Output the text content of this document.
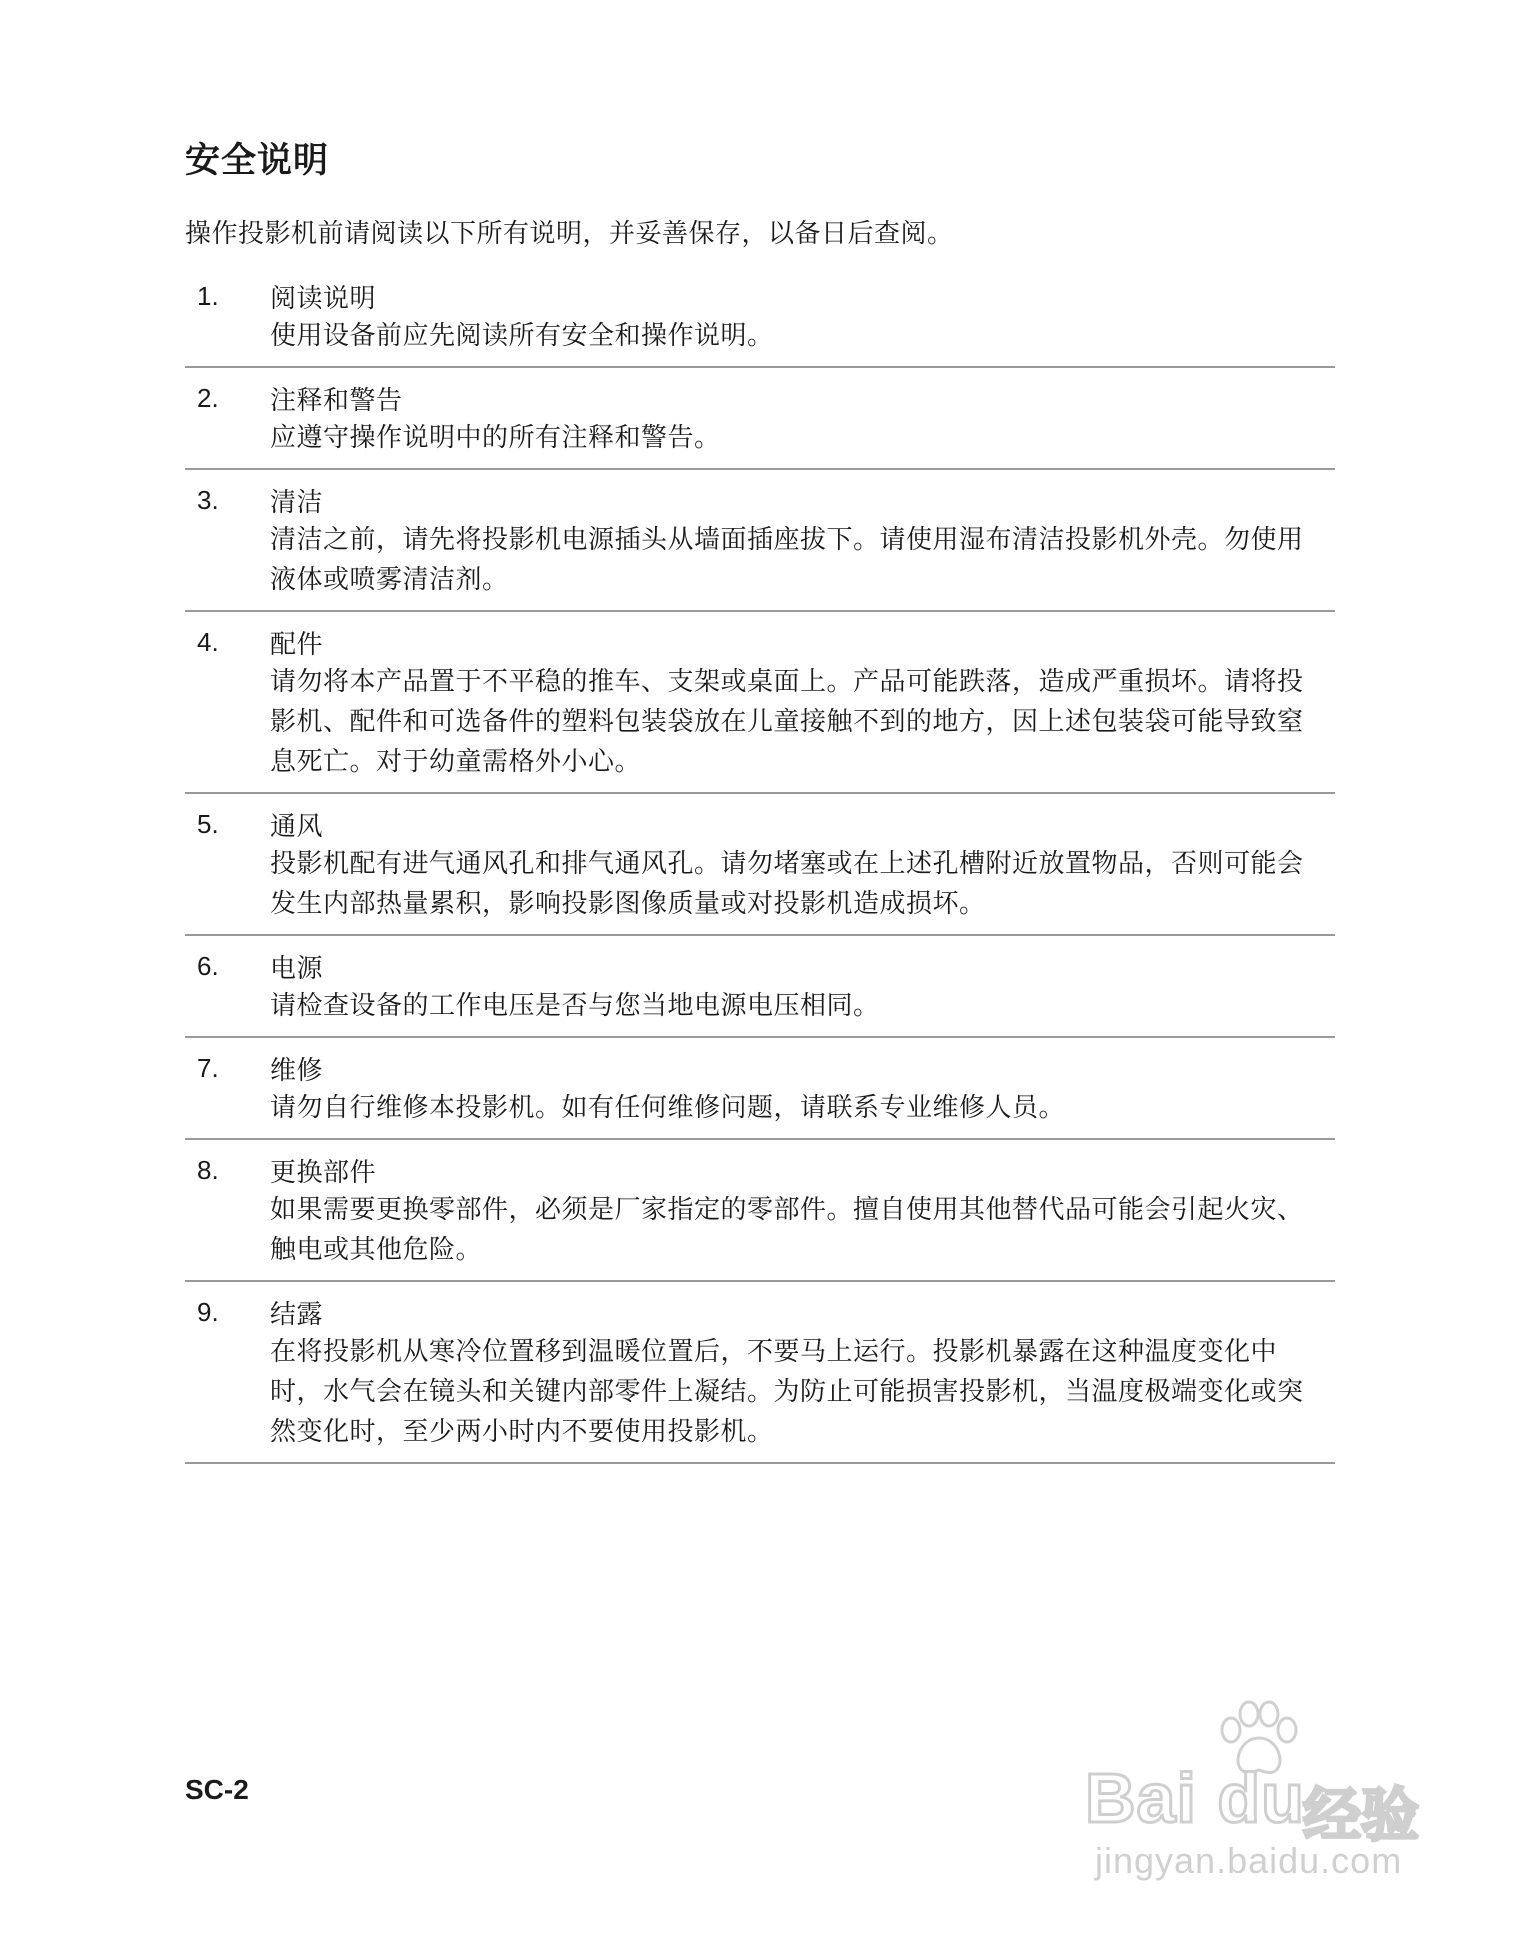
安全说明

操作投影机前请阅读以下所有说明，并妥善保存，以备日后查阅。

1.	阅读说明

使用设备前应先阅读所有安全和操作说明。

2.	注释和警告

应遵守操作说明中的所有注释和警告。

3.	清洁

清洁之前，请先将投影机电源插头从墙面插座拔下。请使用湿布清洁投影机外壳。勿使用液体或喷雾清洁剂。

4.	配件

请勿将本产品置于不平稳的推车、支架或桌面上。产品可能跌落，造成严重损坏。请将投影机、配件和可选备件的塑料包装袋放在儿童接触不到的地方，因上述包装袋可能导致窒息死亡。对于幼童需格外小心。

5.	通风

投影机配有进气通风孔和排气通风孔。请勿堵塞或在上述孔槽附近放置物品，否则可能会发生内部热量累积，影响投影图像质量或对投影机造成损坏。

6.	电源

请检查设备的工作电压是否与您当地电源电压相同。

7.	维修

请勿自行维修本投影机。如有任何维修问题，请联系专业维修人员。

8.	更换部件

如果需要更换零部件，必须是厂家指定的零部件。擅自使用其他替代品可能会引起火灾、触电或其他危险。

9.	结露

在将投影机从寒冷位置移到温暖位置后，不要马上运行。投影机暴露在这种温度变化中时，水气会在镜头和关键内部零件上凝结。为防止可能损害投影机，当温度极端变化或突然变化时，至少两小时内不要使用投影机。

SC-2	Bai du
经验
jingyan.baidu.com
